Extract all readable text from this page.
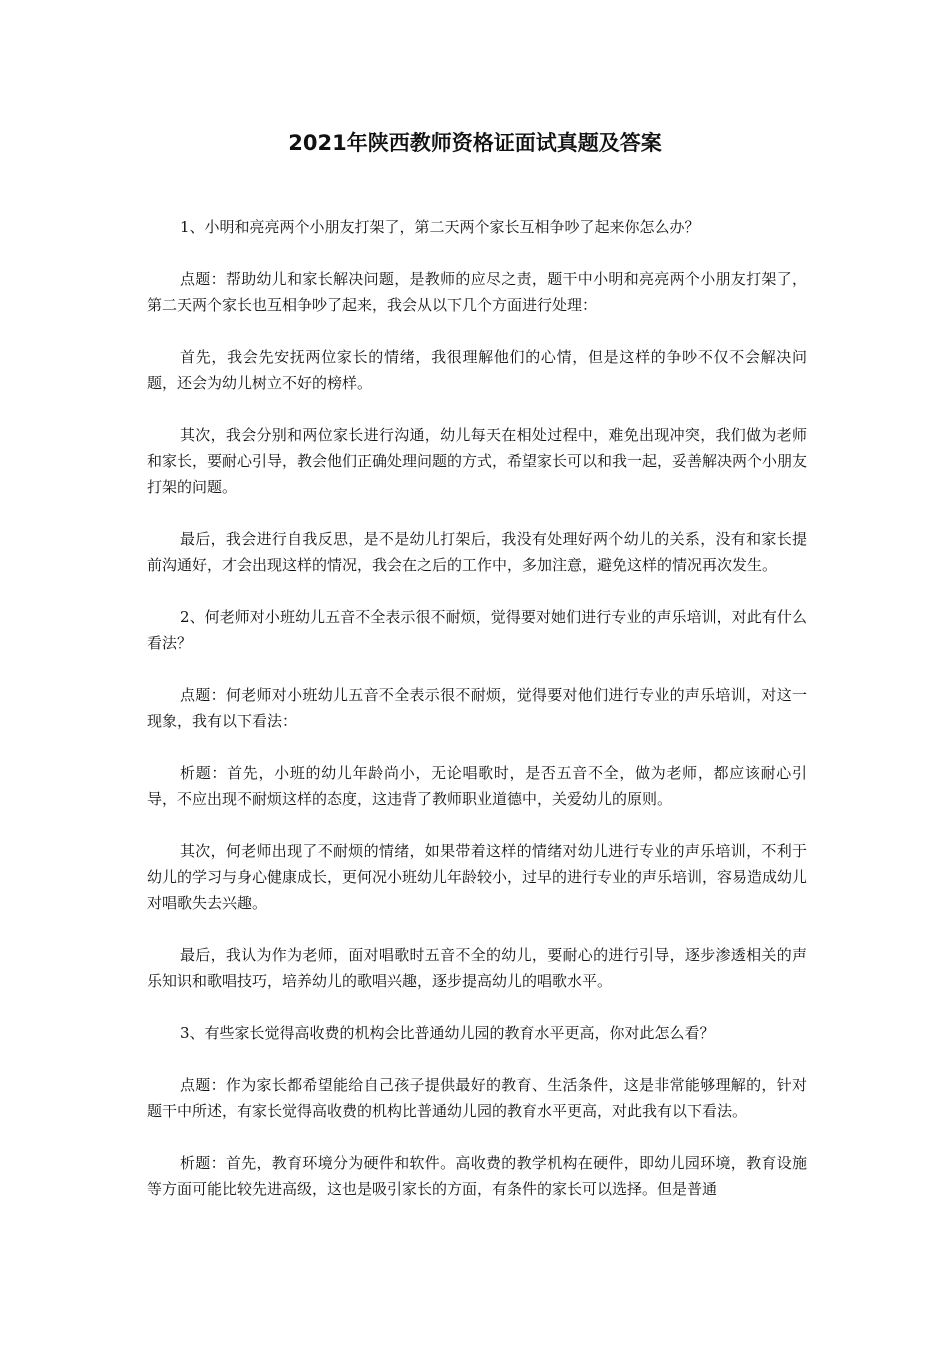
2021年陕西教师资格证面试真题及答案

1、小明和亮亮两个小朋友打架了，第二天两个家长互相争吵了起来你怎么办？

点题：帮助幼儿和家长解决问题，是教师的应尽之责，题干中小明和亮亮两个小朋友打架了，第二天两个家长也互相争吵了起来，我会从以下几个方面进行处理：

首先，我会先安抚两位家长的情绪，我很理解他们的心情，但是这样的争吵不仅不会解决问题，还会为幼儿树立不好的榜样。

其次，我会分别和两位家长进行沟通，幼儿每天在相处过程中，难免出现冲突，我们做为老师和家长，要耐心引导，教会他们正确处理问题的方式，希望家长可以和我一起，妥善解决两个小朋友打架的问题。

最后，我会进行自我反思，是不是幼儿打架后，我没有处理好两个幼儿的关系，没有和家长提前沟通好，才会出现这样的情况，我会在之后的工作中，多加注意，避免这样的情况再次发生。

2、何老师对小班幼儿五音不全表示很不耐烦，觉得要对她们进行专业的声乐培训，对此有什么看法？

点题：何老师对小班幼儿五音不全表示很不耐烦，觉得要对他们进行专业的声乐培训，对这一现象，我有以下看法：

析题：首先，小班的幼儿年龄尚小，无论唱歌时，是否五音不全，做为老师，都应该耐心引导，不应出现不耐烦这样的态度，这违背了教师职业道德中，关爱幼儿的原则。

其次，何老师出现了不耐烦的情绪，如果带着这样的情绪对幼儿进行专业的声乐培训，不利于幼儿的学习与身心健康成长，更何况小班幼儿年龄较小，过早的进行专业的声乐培训，容易造成幼儿对唱歌失去兴趣。

最后，我认为作为老师，面对唱歌时五音不全的幼儿，要耐心的进行引导，逐步渗透相关的声乐知识和歌唱技巧，培养幼儿的歌唱兴趣，逐步提高幼儿的唱歌水平。

3、有些家长觉得高收费的机构会比普通幼儿园的教育水平更高，你对此怎么看？

点题：作为家长都希望能给自己孩子提供最好的教育、生活条件，这是非常能够理解的，针对题干中所述，有家长觉得高收费的机构比普通幼儿园的教育水平更高，对此我有以下看法。

析题：首先，教育环境分为硬件和软件。高收费的教学机构在硬件，即幼儿园环境，教育设施等方面可能比较先进高级，这也是吸引家长的方面，有条件的家长可以选择。但是普通
